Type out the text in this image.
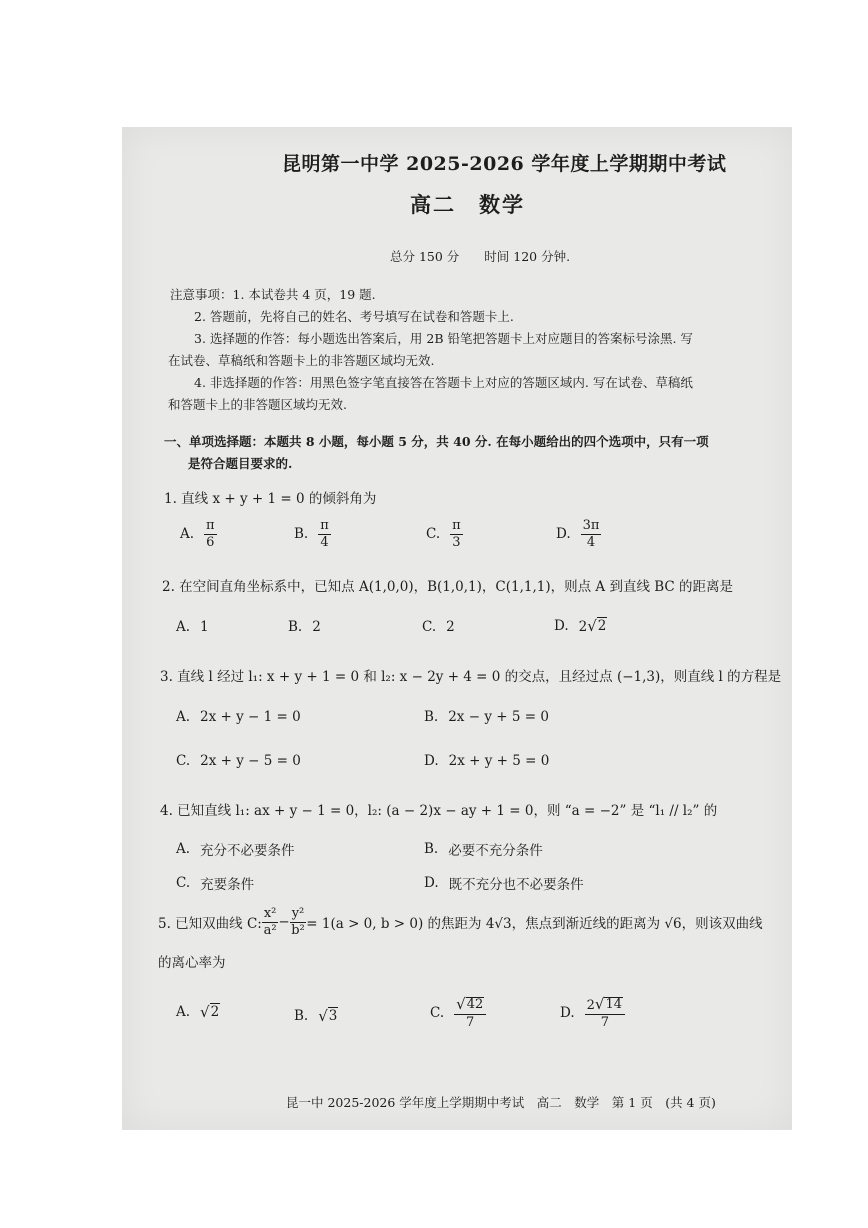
昆明第一中学 2025-2026 学年度上学期期中考试
高二　数学
总分 150 分　　时间 120 分钟.
注意事项：1. 本试卷共 4 页，19 题.
2. 答题前，先将自己的姓名、考号填写在试卷和答题卡上.
3. 选择题的作答：每小题选出答案后，用 2B 铅笔把答题卡上对应题目的答案标号涂黑. 写
在试卷、草稿纸和答题卡上的非答题区域均无效.
4. 非选择题的作答：用黑色签字笔直接答在答题卡上对应的答题区域内. 写在试卷、草稿纸
和答题卡上的非答题区域均无效.
一、单项选择题：本题共 8 小题，每小题 5 分，共 40 分. 在每小题给出的四个选项中，只有一项
是符合题目要求的.
1. 直线 x + y + 1 = 0 的倾斜角为
A. $\frac{\pi}{6}$	B. $\frac{\pi}{4}$	C. $\frac{\pi}{3}$	D. $\frac{3\pi}{4}$
2. 在空间直角坐标系中，已知点 A(1,0,0)，B(1,0,1)，C(1,1,1)，则点 A 到直线 BC 的距离是
A. 1	B. 2	C. 2	D. 2 √ 2
3. 直线 l 经过 l₁: x + y + 1 = 0 和 l₂: x − 2y + 4 = 0 的交点，且经过点 (−1,3)，则直线 l 的方程是
A. 2x + y − 1 = 0	B. 2x − y + 5 = 0
C. 2x + y − 5 = 0	D. 2x + y + 5 = 0
4. 已知直线 l₁: ax + y − 1 = 0，l₂: (a − 2)x − ay + 1 = 0，则 “a = −2” 是 “l₁ // l₂” 的
A. 充分不必要条件	B. 必要不充分条件
C. 充要条件	D. 既不充分也不必要条件
5. 已知双曲线 C: $\frac{\text{x²}}{\text{a²}} - \frac{\text{y²}}{\text{b²}} = 1(a > 0$, b > 0) 的焦距为 4√3，焦点到渐近线的距离为 √6，则该双曲线
的离心率为
A. √ 2	B. √ 3	C. $\frac{√ 42}{7}$	D. $\frac{2 √ 14}{7}$
昆一中 2025-2026 学年度上学期期中考试　高二　数学　第 1 页　(共 4 页)
